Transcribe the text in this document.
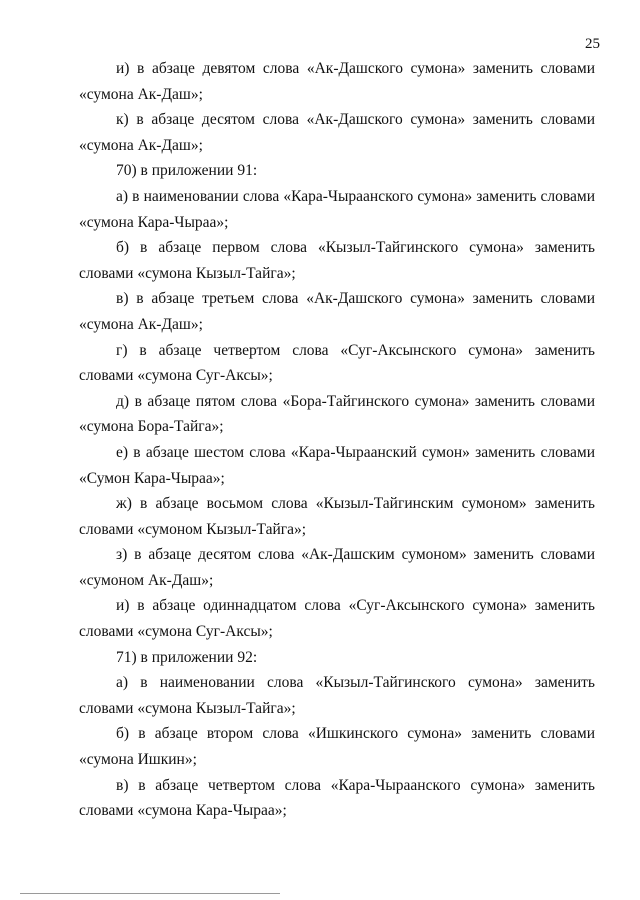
25

и) в абзаце девятом слова «Ак-Дашского сумона» заменить словами «сумона Ак-Даш»;

к) в абзаце десятом слова «Ак-Дашского сумона» заменить словами «сумона Ак-Даш»;

70) в приложении 91:

а) в наименовании слова «Кара-Чыраанского сумона» заменить словами «сумона Кара-Чыраа»;

б) в абзаце первом слова «Кызыл-Тайгинского сумона» заменить словами «сумона Кызыл-Тайга»;

в) в абзаце третьем слова «Ак-Дашского сумона» заменить словами «сумона Ак-Даш»;

г) в абзаце четвертом слова «Суг-Аксынского сумона» заменить словами «сумона Суг-Аксы»;

д) в абзаце пятом слова «Бора-Тайгинского сумона» заменить словами «сумона Бора-Тайга»;

е) в абзаце шестом слова «Кара-Чыраанский сумон» заменить словами «Сумон Кара-Чыраа»;

ж) в абзаце восьмом слова «Кызыл-Тайгинским сумоном» заменить словами «сумоном Кызыл-Тайга»;

з) в абзаце десятом слова «Ак-Дашским сумоном» заменить словами «сумоном Ак-Даш»;

и) в абзаце одиннадцатом слова «Суг-Аксынского сумона» заменить словами «сумона Суг-Аксы»;

71) в приложении 92:

а) в наименовании слова «Кызыл-Тайгинского сумона» заменить словами «сумона Кызыл-Тайга»;

б) в абзаце втором слова «Ишкинского сумона» заменить словами «сумона Ишкин»;

в) в абзаце четвертом слова «Кара-Чыраанского сумона» заменить словами «сумона Кара-Чыраа»;
